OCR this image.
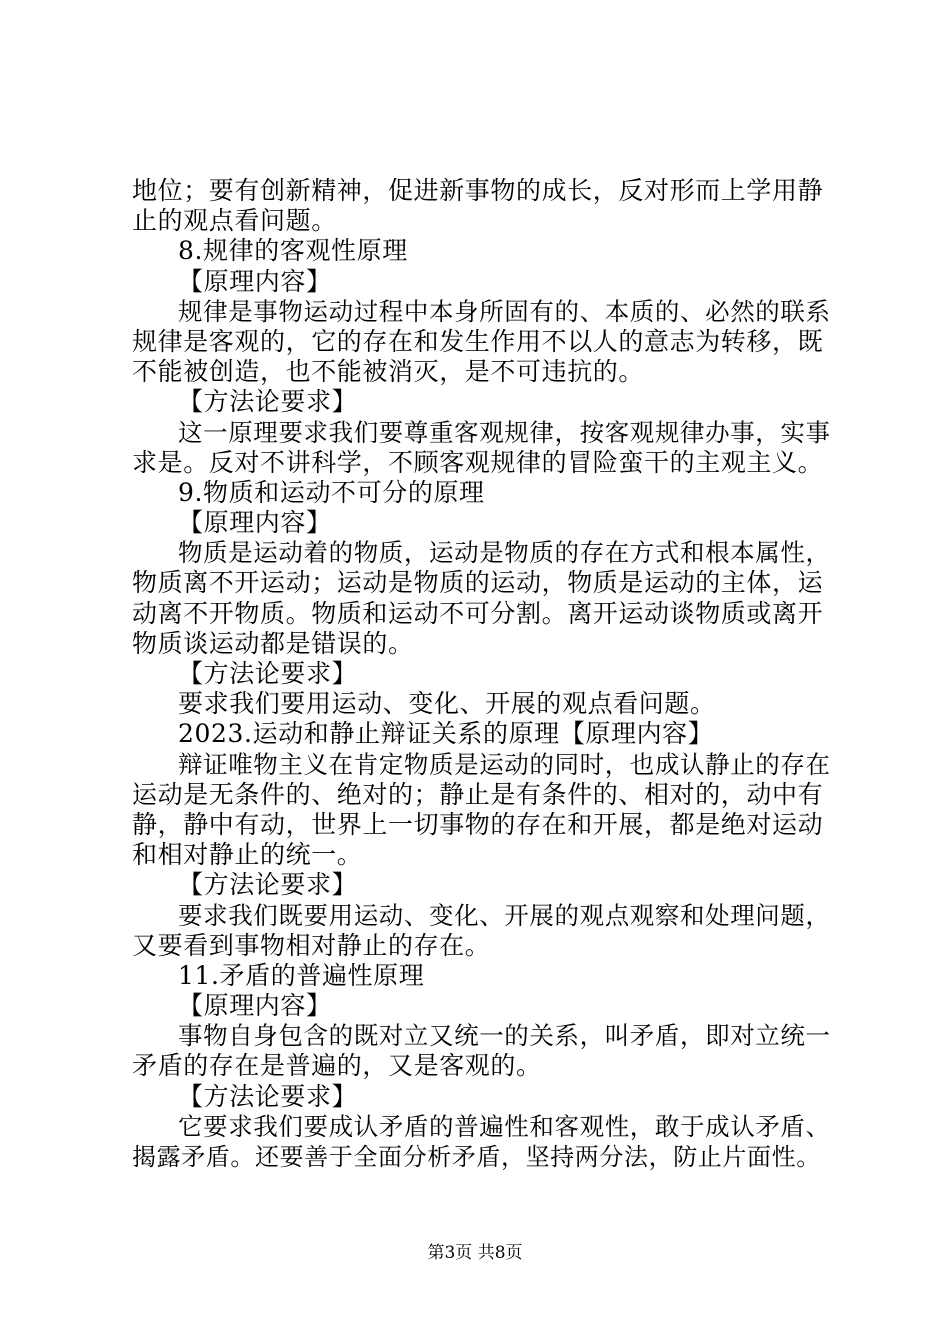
地位；要有创新精神，促进新事物的成长，反对形而上学用静
止的观点看问题。
8.规律的客观性原理
【原理内容】
规律是事物运动过程中本身所固有的、本质的、必然的联系
规律是客观的，它的存在和发生作用不以人的意志为转移，既
不能被创造，也不能被消灭，是不可违抗的。
【方法论要求】
这一原理要求我们要尊重客观规律，按客观规律办事，实事
求是。反对不讲科学，不顾客观规律的冒险蛮干的主观主义。
9.物质和运动不可分的原理
【原理内容】
物质是运动着的物质，运动是物质的存在方式和根本属性，
物质离不开运动；运动是物质的运动，物质是运动的主体，运
动离不开物质。物质和运动不可分割。离开运动谈物质或离开
物质谈运动都是错误的。
【方法论要求】
要求我们要用运动、变化、开展的观点看问题。
2023.运动和静止辩证关系的原理【原理内容】
辩证唯物主义在肯定物质是运动的同时，也成认静止的存在
运动是无条件的、绝对的；静止是有条件的、相对的，动中有
静，静中有动，世界上一切事物的存在和开展，都是绝对运动
和相对静止的统一。
【方法论要求】
要求我们既要用运动、变化、开展的观点观察和处理问题，
又要看到事物相对静止的存在。
11.矛盾的普遍性原理
【原理内容】
事物自身包含的既对立又统一的关系，叫矛盾，即对立统一
矛盾的存在是普遍的，又是客观的。
【方法论要求】
它要求我们要成认矛盾的普遍性和客观性，敢于成认矛盾、
揭露矛盾。还要善于全面分析矛盾，坚持两分法，防止片面性。
第3页 共8页
